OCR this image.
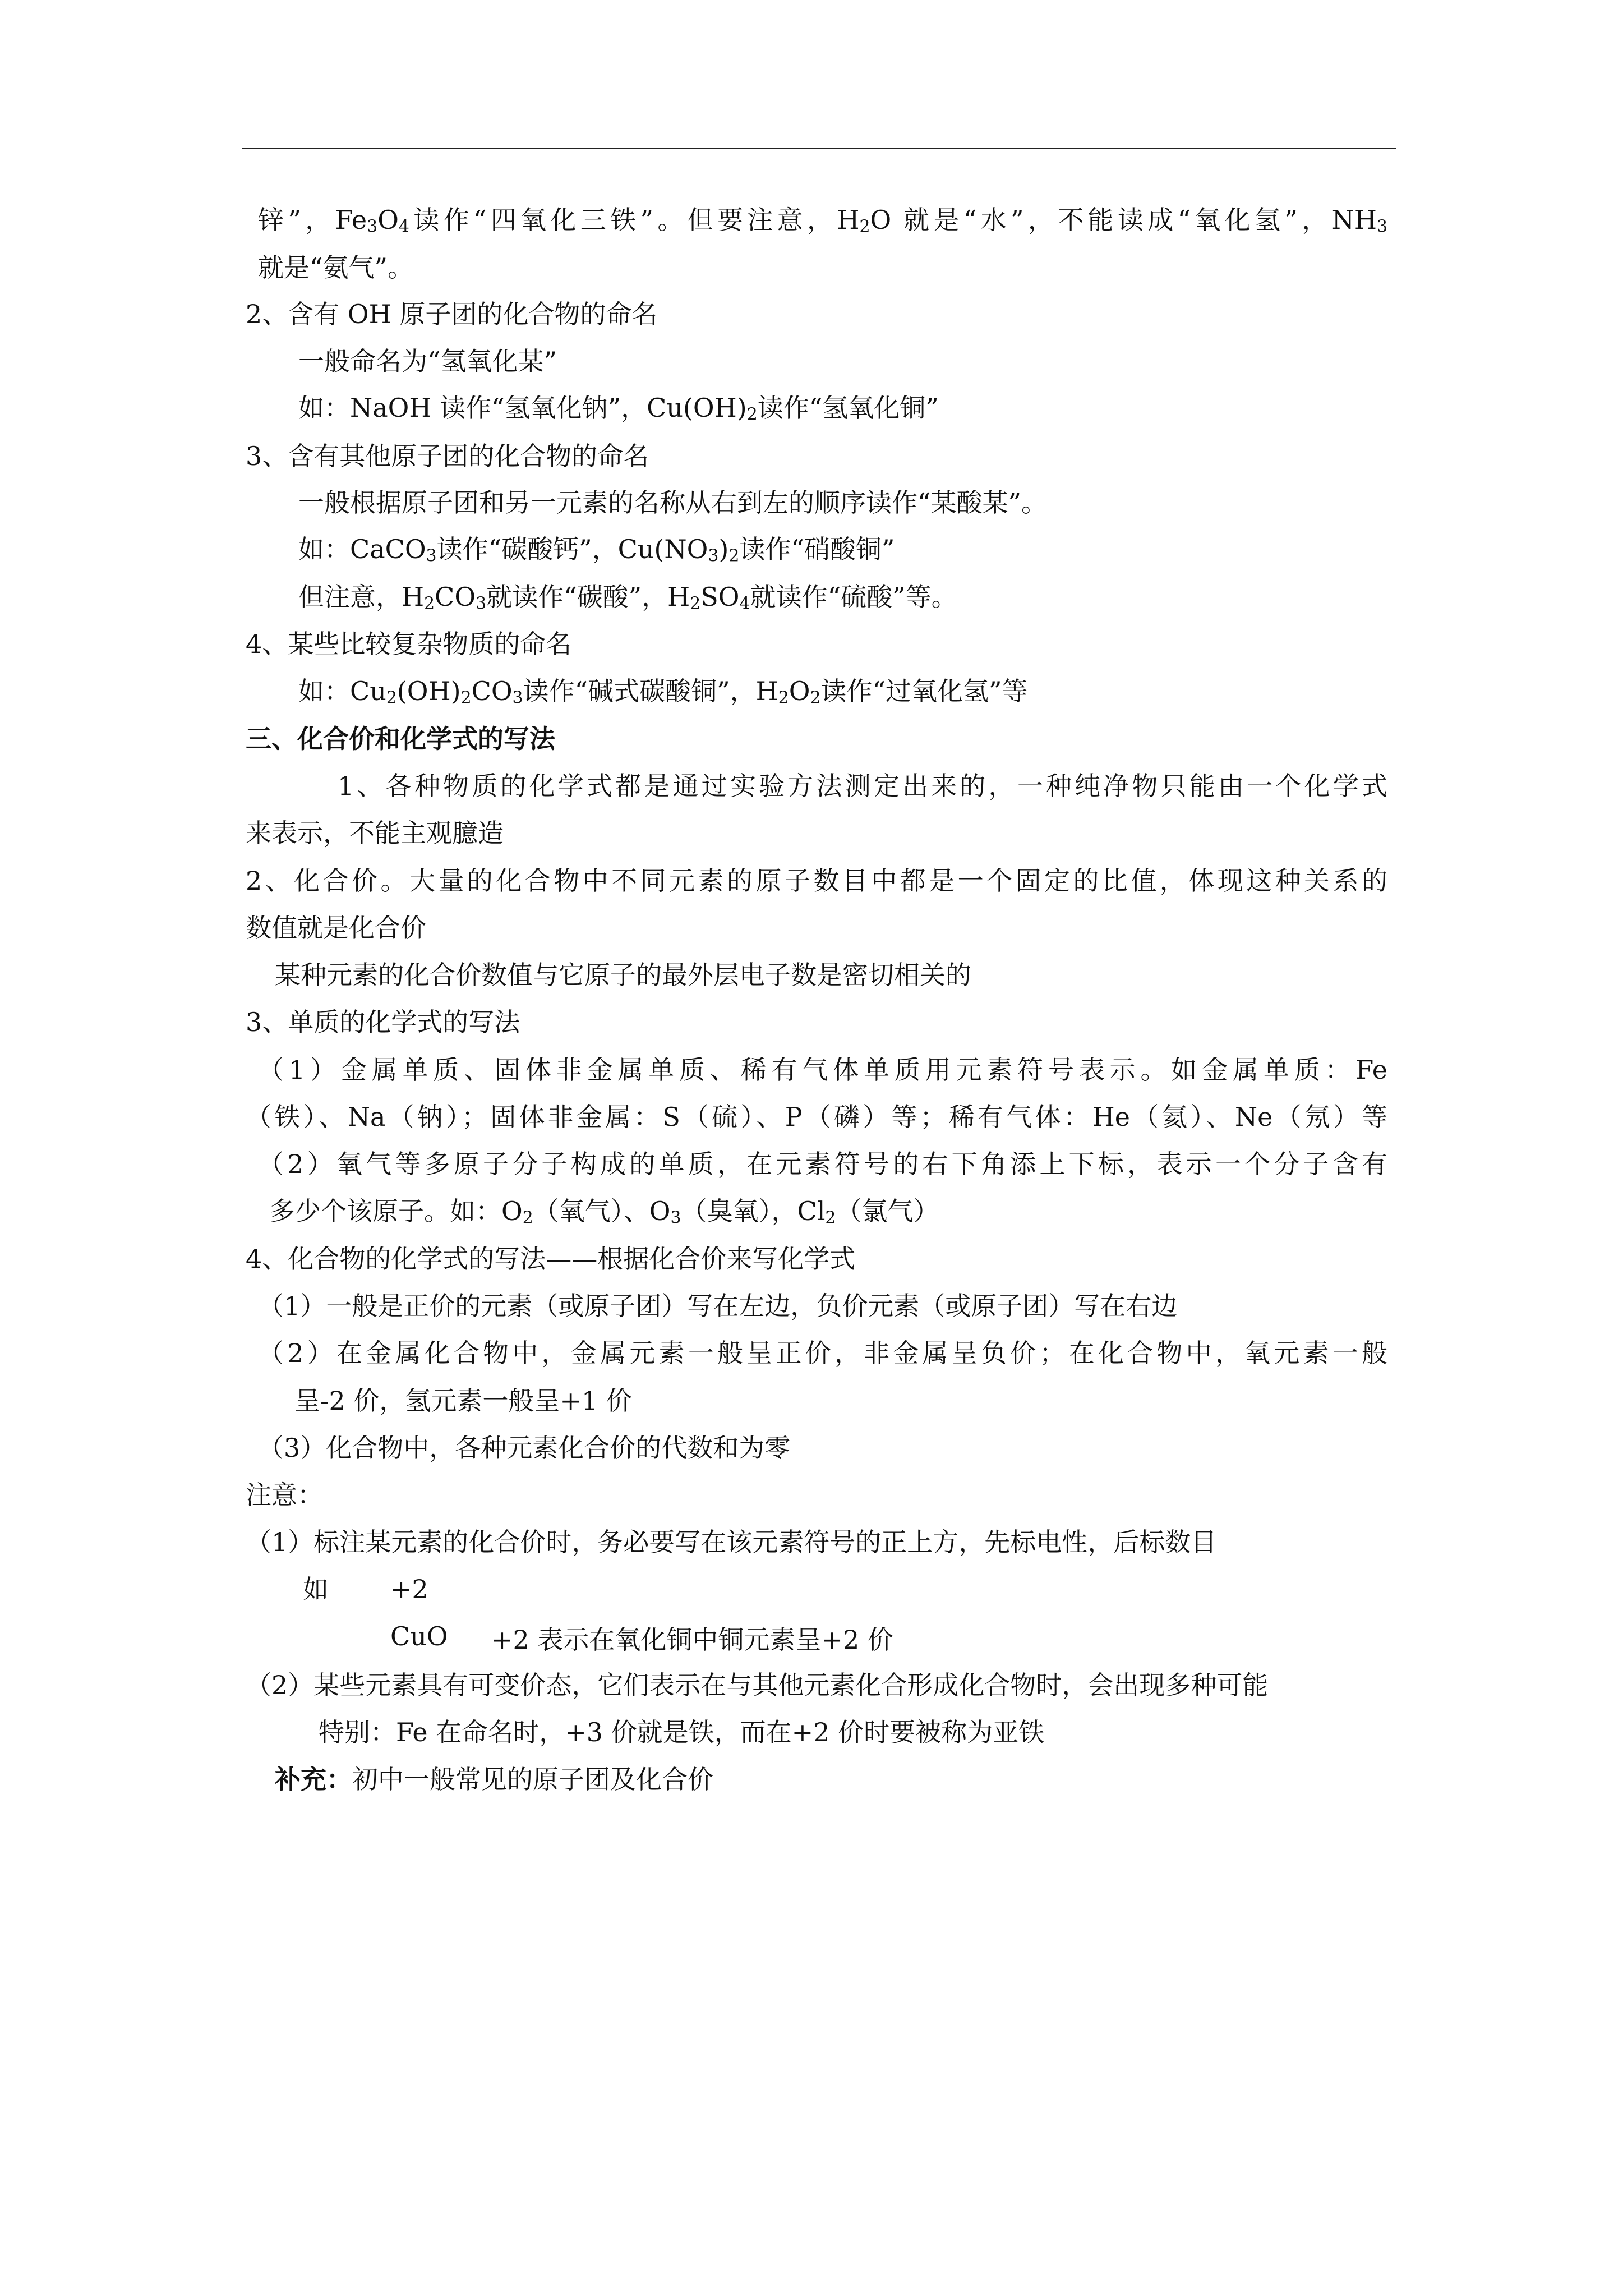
锌”，$Fe_3O_4$读作“四氧化三铁”。但要注意，$H_2O$ 就是“水”，不能读成“氧化氢”，$NH_3$
就是“氨气”。
2、含有 OH 原子团的化合物的命名
一般命名为“氢氧化某”
如：NaOH 读作“氢氧化钠”，$Cu(OH)_2$读作“氢氧化铜”
3、含有其他原子团的化合物的命名
一般根据原子团和另一元素的名称从右到左的顺序读作“某酸某”。
如：CaCO$_3$读作“碳酸钙”，$Cu(NO_3)_2$读作“硝酸铜”
但注意，$H_2CO_3$就读作“碳酸”，$H_2SO_4$就读作“硫酸”等。
4、某些比较复杂物质的命名
如：$Cu_2(OH)_2CO_3$读作“碱式碳酸铜”，$H_2O_2$读作“过氧化氢”等
三、化合价和化学式的写法
1、各种物质的化学式都是通过实验方法测定出来的，一种纯净物只能由一个化学式
来表示，不能主观臆造
2、化合价。大量的化合物中不同元素的原子数目中都是一个固定的比值，体现这种关系的
数值就是化合价
某种元素的化合价数值与它原子的最外层电子数是密切相关的
3、单质的化学式的写法
（1）金属单质、固体非金属单质、稀有气体单质用元素符号表示。如金属单质：Fe
（铁）、Na（钠）；固体非金属：S（硫）、P（磷）等；稀有气体：He（氦）、Ne（氖）等
（2）氧气等多原子分子构成的单质，在元素符号的右下角添上下标，表示一个分子含有
多少个该原子。如：$O_2$（氧气）、$O_3$（臭氧），$Cl_2$（氯气）
4、化合物的化学式的写法——根据化合价来写化学式
（1）一般是正价的元素（或原子团）写在左边，负价元素（或原子团）写在右边
（2）在金属化合物中，金属元素一般呈正价，非金属呈负价；在化合物中，氧元素一般
呈-2 价，氢元素一般呈+1 价
（3）化合物中，各种元素化合价的代数和为零
注意：
（1）标注某元素的化合价时，务必要写在该元素符号的正上方，先标电性，后标数目
如 +2
CuO +2 表示在氧化铜中铜元素呈+2 价
（2）某些元素具有可变价态，它们表示在与其他元素化合形成化合物时，会出现多种可能
特别：Fe 在命名时，+3 价就是铁，而在+2 价时要被称为亚铁
补充：初中一般常见的原子团及化合价
